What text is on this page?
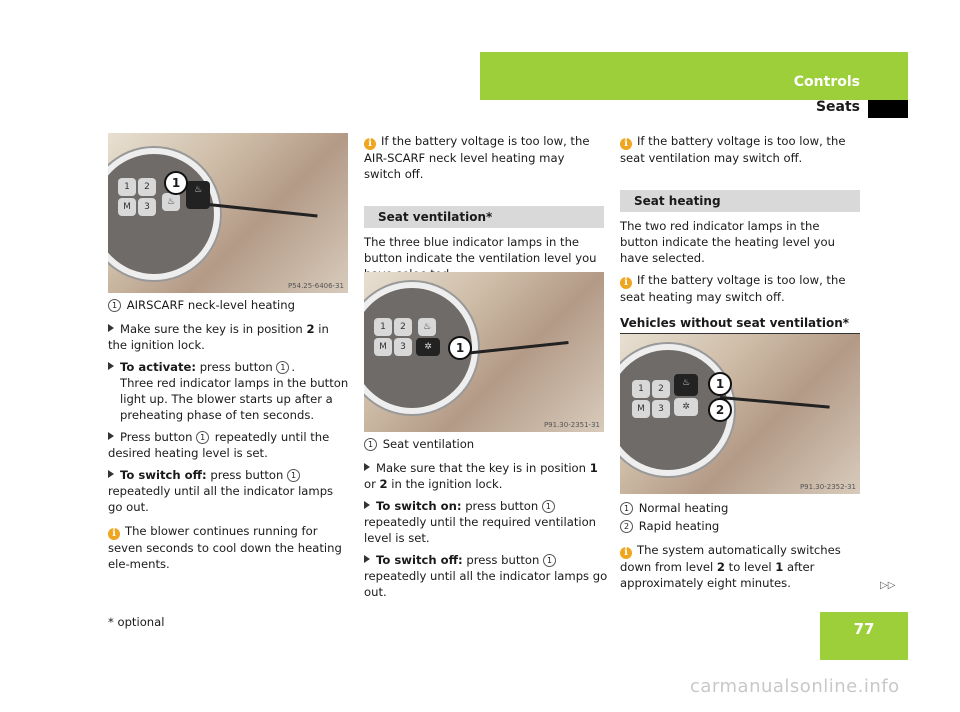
Controls
Seats
1	2
M	3	♨
♨
1
P54.25-6406-31
1 AIRSCARF neck-level heating
Make sure the key is in position 2 in the ignition lock.
To activate: press button 1 .
Three red indicator lamps in the button light up. The blower starts up after a preheating phase of ten seconds.
Press button 1 repeatedly until the desired heating level is set.
To switch off: press button 1 repeatedly until all the indicator lamps go out.
i The blower continues running for seven seconds to cool down the heating ele-ments.
i If the battery voltage is too low, the AIR-SCARF neck level heating may switch off.
Seat ventilation*
The three blue indicator lamps in the button indicate the ventilation level you
1	2
M	3
♨
✲	1
P91.30-2351-31
1 Seat ventilation
Make sure that the key is in position 1 or 2 in the ignition lock.
To switch on: press button 1 repeatedly until the required ventilation level is set.
To switch off: press button 1 repeatedly until all the indicator lamps go out.
i If the battery voltage is too low, the seat ventilation may switch off.
Seat heating
The two red indicator lamps in the button indicate the heating level you have selected.
i If the battery voltage is too low, the seat heating may switch off.
Vehicles without seat ventilation*
1	2
M	3
♨
✲
1
2
P91.30-2352-31
1 Normal heating
2 Rapid heating
i The system automatically switches down from level 2 to level 1 after approximately eight minutes.	▷▷
* optional	77
carmanualsonline.info
